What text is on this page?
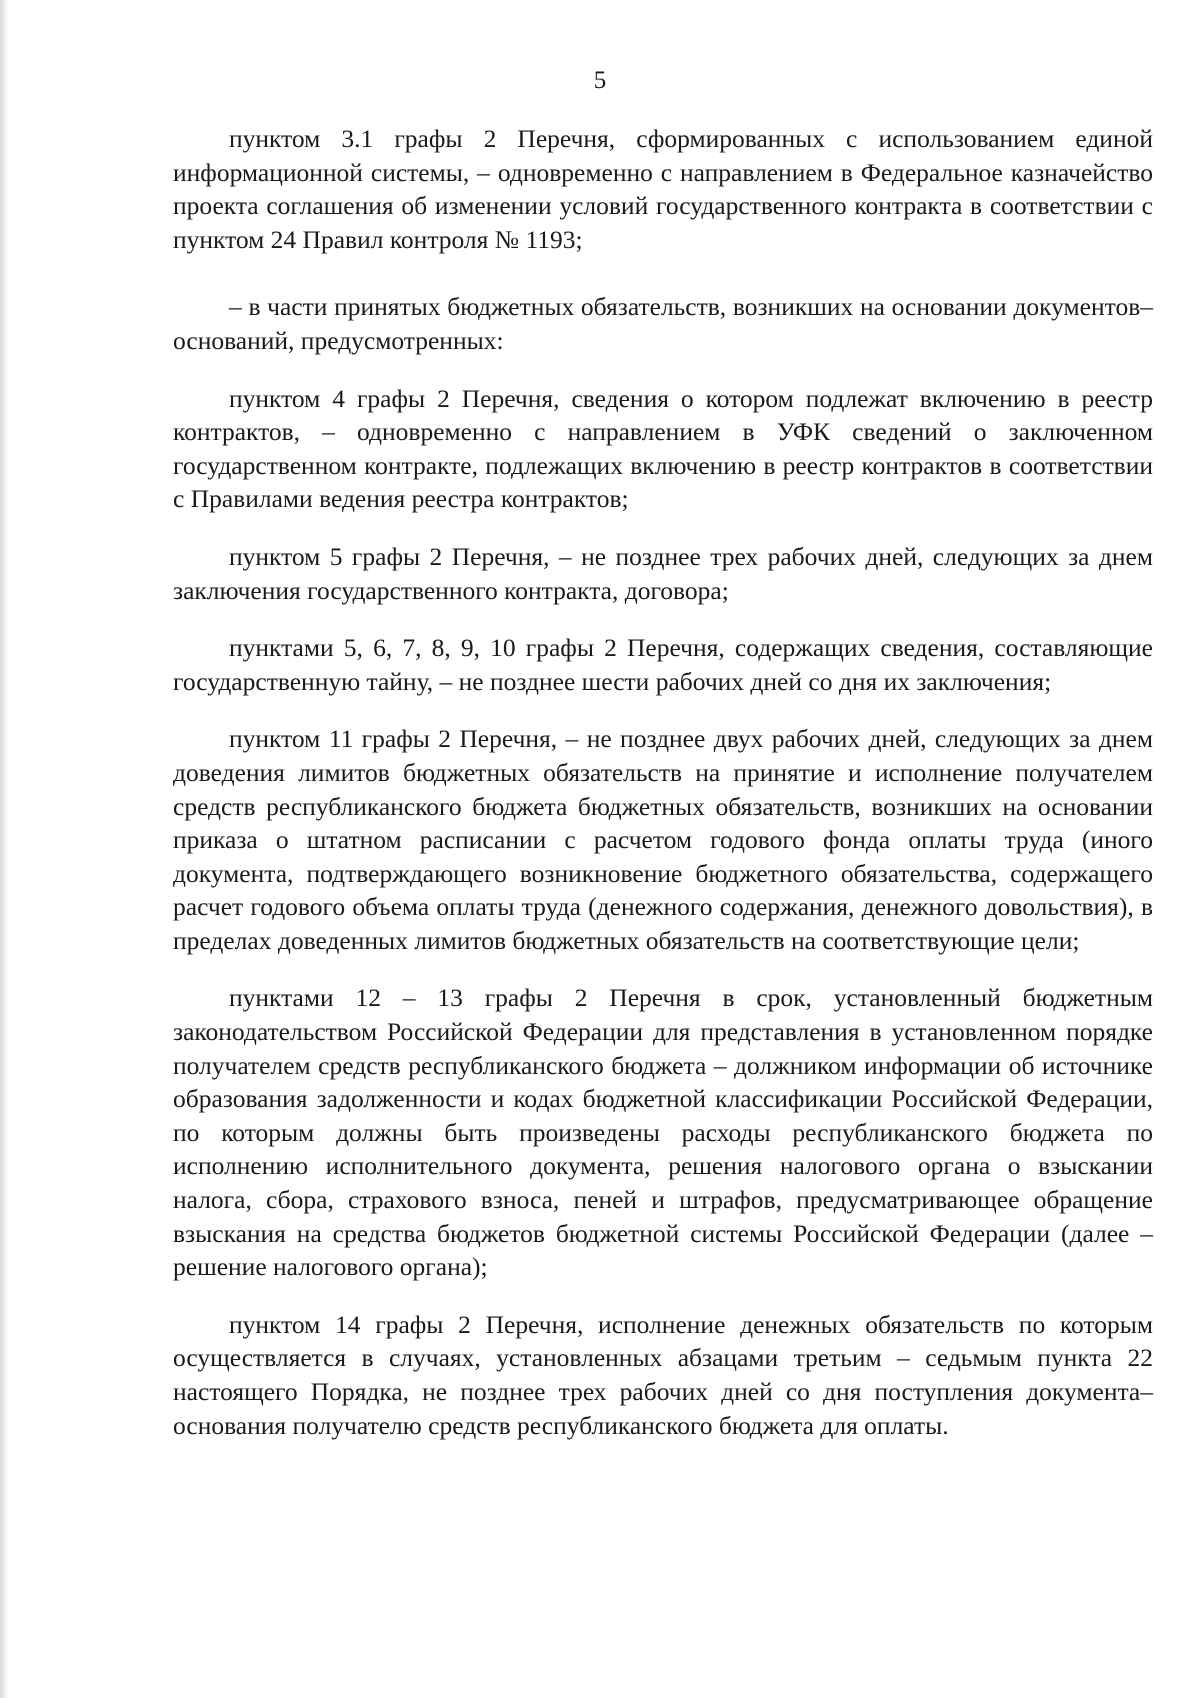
5

пунктом 3.1 графы 2 Перечня, сформированных с использованием единой информационной системы, – одновременно с направлением в Федеральное казначейство проекта соглашения об изменении условий государственного контракта в соответствии с пунктом 24 Правил контроля № 1193;

– в части принятых бюджетных обязательств, возникших на основании документов–оснований, предусмотренных:

пунктом 4 графы 2 Перечня, сведения о котором подлежат включению в реестр контрактов, – одновременно с направлением в УФК сведений о заключенном государственном контракте, подлежащих включению в реестр контрактов в соответствии с Правилами ведения реестра контрактов;

пунктом 5 графы 2 Перечня, – не позднее трех рабочих дней, следующих за днем заключения государственного контракта, договора;

пунктами 5, 6, 7, 8, 9, 10 графы 2 Перечня, содержащих сведения, составляющие государственную тайну, – не позднее шести рабочих дней со дня их заключения;

пунктом 11 графы 2 Перечня, – не позднее двух рабочих дней, следующих за днем доведения лимитов бюджетных обязательств на принятие и исполнение получателем средств республиканского бюджета бюджетных обязательств, возникших на основании приказа о штатном расписании с расчетом годового фонда оплаты труда (иного документа, подтверждающего возникновение бюджетного обязательства, содержащего расчет годового объема оплаты труда (денежного содержания, денежного довольствия), в пределах доведенных лимитов бюджетных обязательств на соответствующие цели;

пунктами 12 – 13 графы 2 Перечня в срок, установленный бюджетным законодательством Российской Федерации для представления в установленном порядке получателем средств республиканского бюджета – должником информации об источнике образования задолженности и кодах бюджетной классификации Российской Федерации, по которым должны быть произведены расходы республиканского бюджета по исполнению исполнительного документа, решения налогового органа о взыскании налога, сбора, страхового взноса, пеней и штрафов, предусматривающее обращение взыскания на средства бюджетов бюджетной системы Российской Федерации (далее – решение налогового органа);

пунктом 14 графы 2 Перечня, исполнение денежных обязательств по которым осуществляется в случаях, установленных абзацами третьим – седьмым пункта 22 настоящего Порядка, не позднее трех рабочих дней со дня поступления документа–основания получателю средств республиканского бюджета для оплаты.
